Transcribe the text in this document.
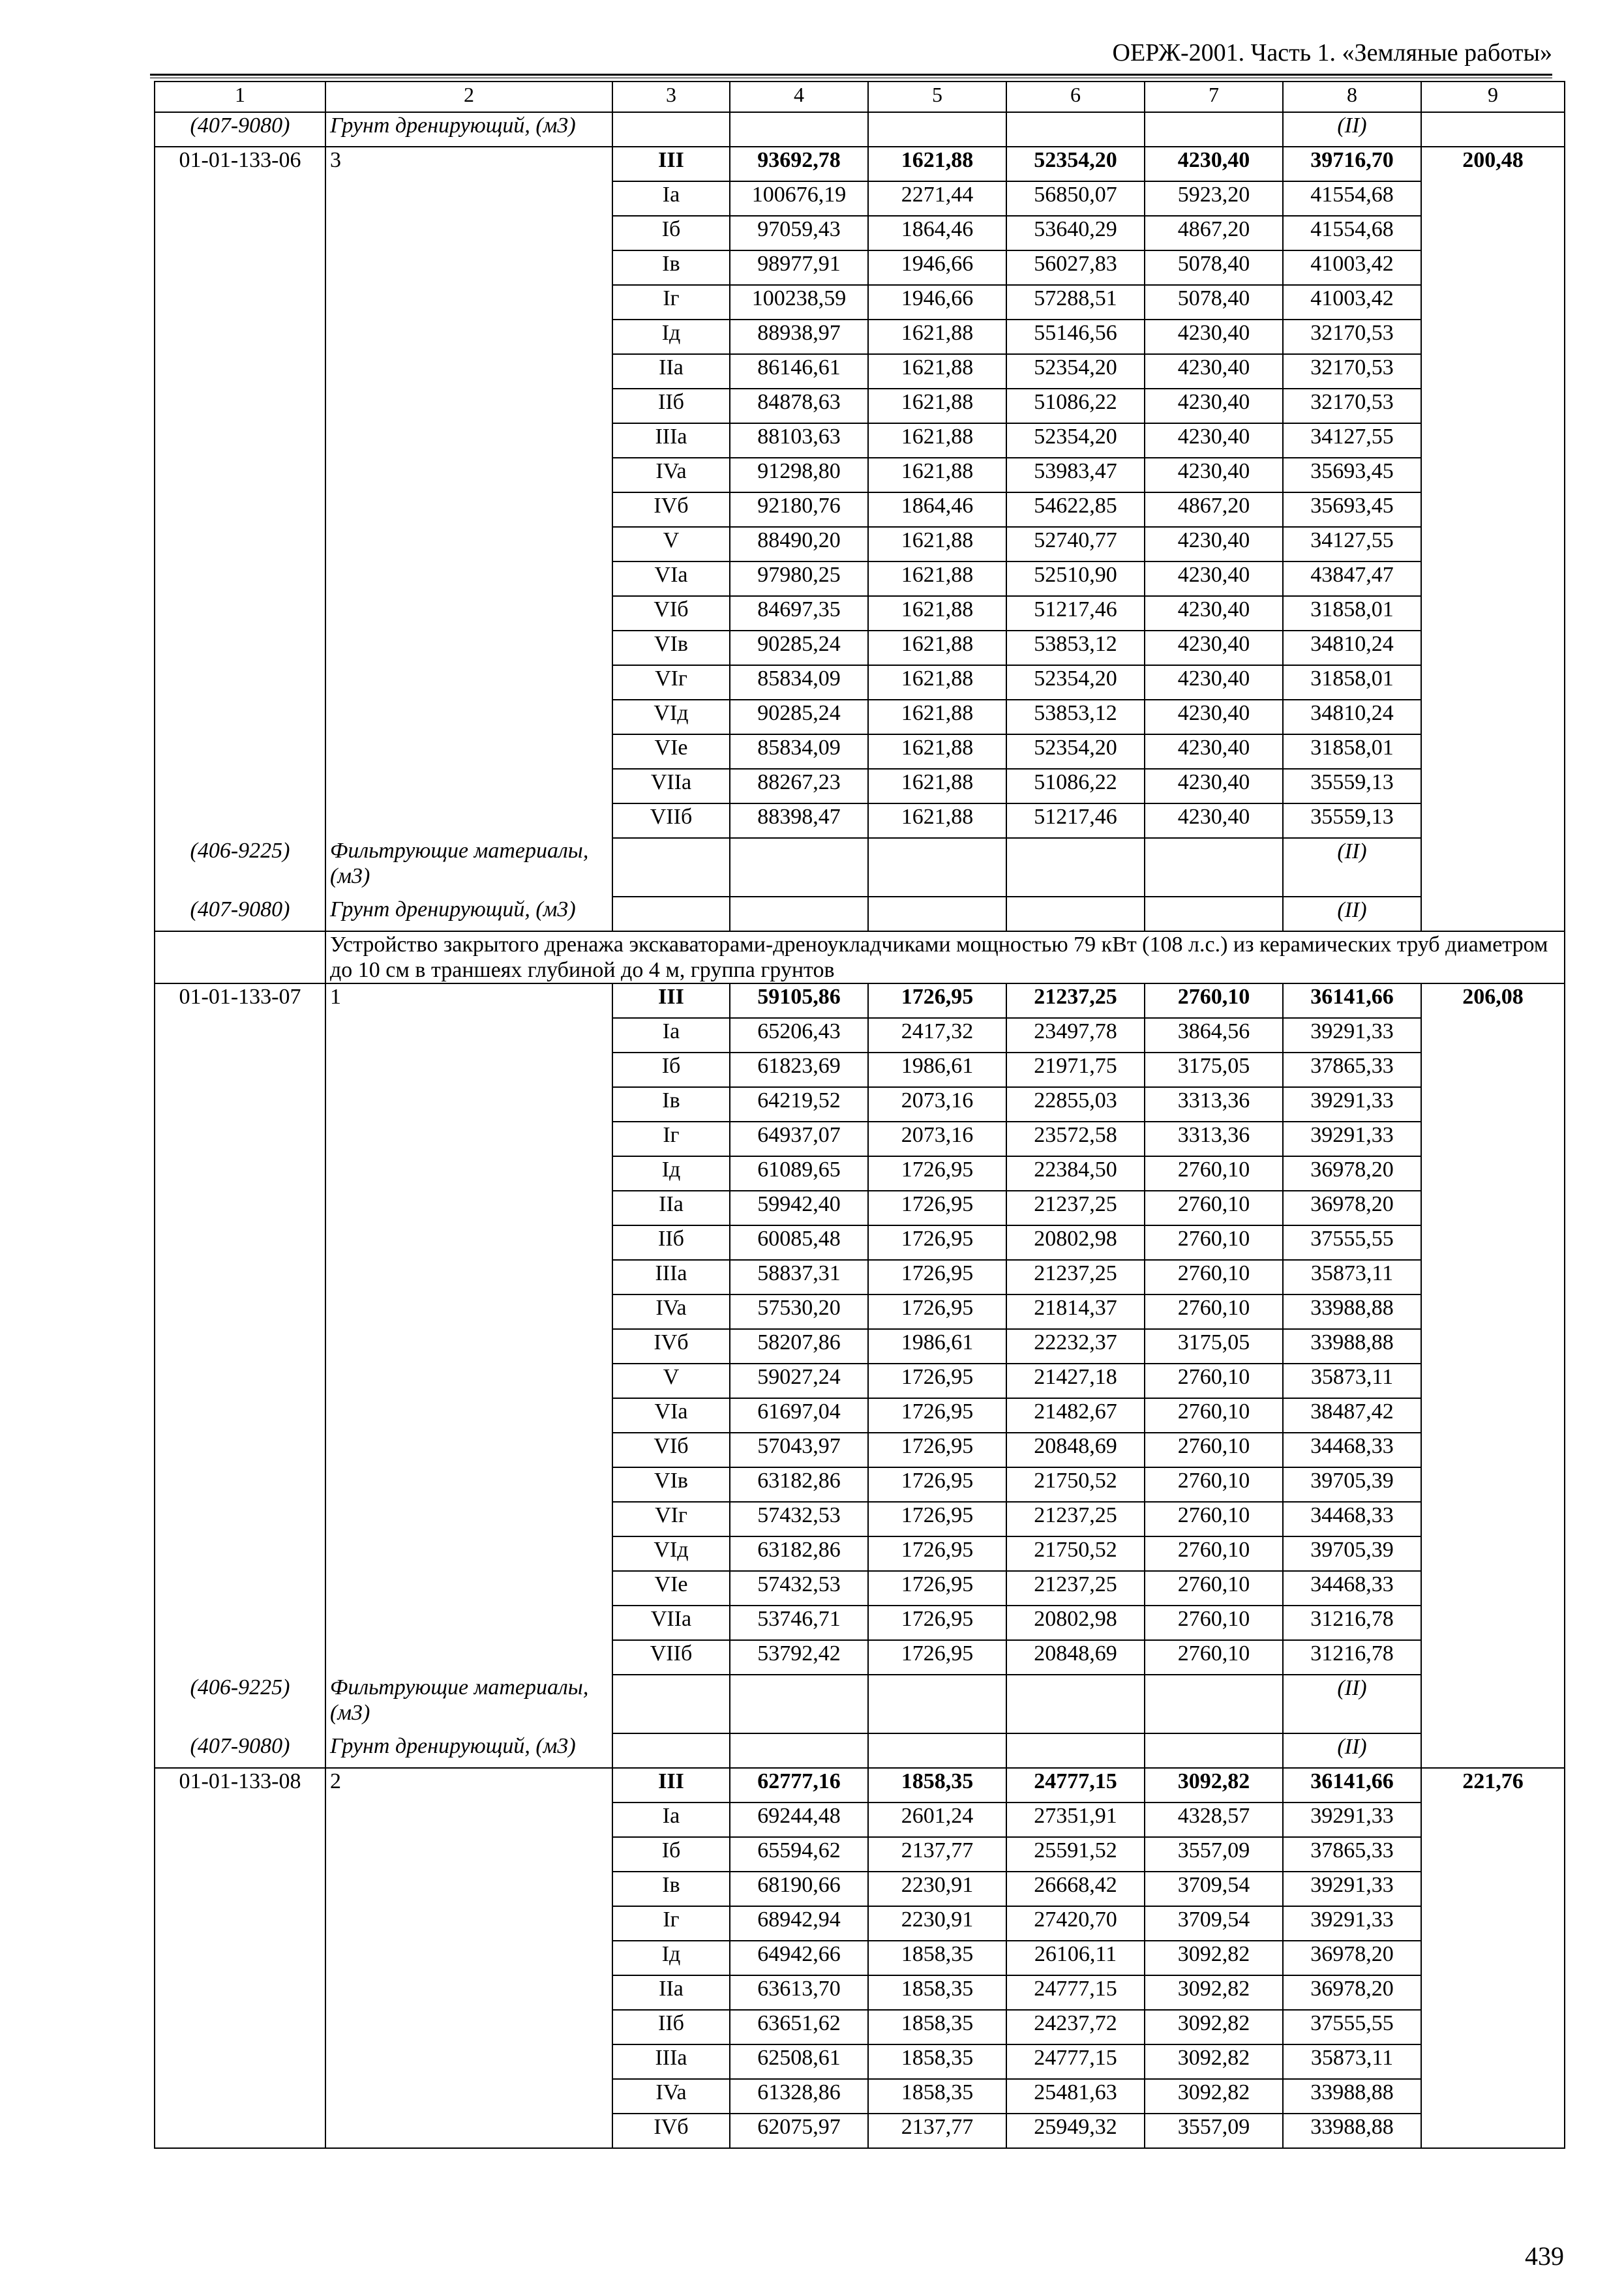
ОЕРЖ-2001. Часть 1. «Земляные работы»
1	2	3	4	5	6	7	8	9
(407-9080)	Грунт дренирующий, (м3)						(II)	
01-01-133-06	3	III	93692,78	1621,88	52354,20	4230,40	39716,70	200,48
		Ia	100676,19	2271,44	56850,07	5923,20	41554,68	
		Iб	97059,43	1864,46	53640,29	4867,20	41554,68	
		Iв	98977,91	1946,66	56027,83	5078,40	41003,42	
		Iг	100238,59	1946,66	57288,51	5078,40	41003,42	
		Iд	88938,97	1621,88	55146,56	4230,40	32170,53	
		IIa	86146,61	1621,88	52354,20	4230,40	32170,53	
		IIб	84878,63	1621,88	51086,22	4230,40	32170,53	
		IIIa	88103,63	1621,88	52354,20	4230,40	34127,55	
		IVa	91298,80	1621,88	53983,47	4230,40	35693,45	
		IVб	92180,76	1864,46	54622,85	4867,20	35693,45	
		V	88490,20	1621,88	52740,77	4230,40	34127,55	
		VIa	97980,25	1621,88	52510,90	4230,40	43847,47	
		VIб	84697,35	1621,88	51217,46	4230,40	31858,01	
		VIв	90285,24	1621,88	53853,12	4230,40	34810,24	
		VIг	85834,09	1621,88	52354,20	4230,40	31858,01	
		VIд	90285,24	1621,88	53853,12	4230,40	34810,24	
		VIe	85834,09	1621,88	52354,20	4230,40	31858,01	
		VIIa	88267,23	1621,88	51086,22	4230,40	35559,13	
		VIIб	88398,47	1621,88	51217,46	4230,40	35559,13	
(406-9225)	Фильтрующие материалы, (м3)						(II)	
(407-9080)	Грунт дренирующий, (м3)						(II)	
	Устройство закрытого дренажа экскаваторами-дреноукладчиками мощностью 79 кВт (108 л.с.) из керамических труб диаметром до 10 см в траншеях глубиной до 4 м, группа грунтов							
01-01-133-07	1	III	59105,86	1726,95	21237,25	2760,10	36141,66	206,08
		Ia	65206,43	2417,32	23497,78	3864,56	39291,33	
		Iб	61823,69	1986,61	21971,75	3175,05	37865,33	
		Iв	64219,52	2073,16	22855,03	3313,36	39291,33	
		Iг	64937,07	2073,16	23572,58	3313,36	39291,33	
		Iд	61089,65	1726,95	22384,50	2760,10	36978,20	
		IIa	59942,40	1726,95	21237,25	2760,10	36978,20	
		IIб	60085,48	1726,95	20802,98	2760,10	37555,55	
		IIIa	58837,31	1726,95	21237,25	2760,10	35873,11	
		IVa	57530,20	1726,95	21814,37	2760,10	33988,88	
		IVб	58207,86	1986,61	22232,37	3175,05	33988,88	
		V	59027,24	1726,95	21427,18	2760,10	35873,11	
		VIa	61697,04	1726,95	21482,67	2760,10	38487,42	
		VIб	57043,97	1726,95	20848,69	2760,10	34468,33	
		VIв	63182,86	1726,95	21750,52	2760,10	39705,39	
		VIг	57432,53	1726,95	21237,25	2760,10	34468,33	
		VIд	63182,86	1726,95	21750,52	2760,10	39705,39	
		VIe	57432,53	1726,95	21237,25	2760,10	34468,33	
		VIIa	53746,71	1726,95	20802,98	2760,10	31216,78	
		VIIб	53792,42	1726,95	20848,69	2760,10	31216,78	
(406-9225)	Фильтрующие материалы, (м3)						(II)	
(407-9080)	Грунт дренирующий, (м3)						(II)	
01-01-133-08	2	III	62777,16	1858,35	24777,15	3092,82	36141,66	221,76
		Ia	69244,48	2601,24	27351,91	4328,57	39291,33	
		Iб	65594,62	2137,77	25591,52	3557,09	37865,33	
		Iв	68190,66	2230,91	26668,42	3709,54	39291,33	
		Iг	68942,94	2230,91	27420,70	3709,54	39291,33	
		Iд	64942,66	1858,35	26106,11	3092,82	36978,20	
		IIa	63613,70	1858,35	24777,15	3092,82	36978,20	
		IIб	63651,62	1858,35	24237,72	3092,82	37555,55	
		IIIa	62508,61	1858,35	24777,15	3092,82	35873,11	
		IVa	61328,86	1858,35	25481,63	3092,82	33988,88	
		IVб	62075,97	2137,77	25949,32	3557,09	33988,88	
439
